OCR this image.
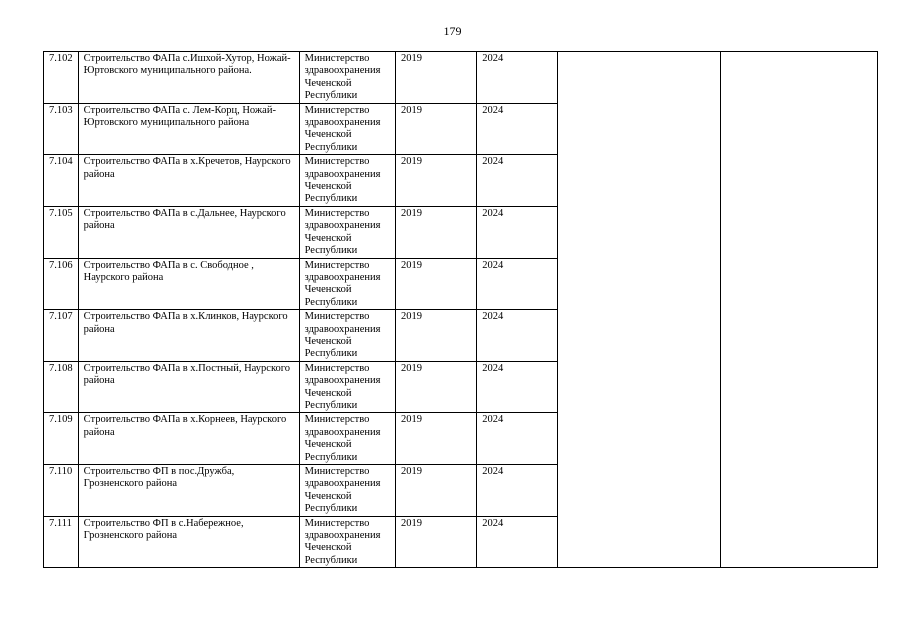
179
7.102	Строительство ФАПа с.Ишхой-Хутор, Ножай-Юртовского муниципального района.	Министерство здравоохранения Чеченской Республики	2019	2024		
7.103	Строительство ФАПа с. Лем-Корц, Ножай-Юртовского муниципального района	Министерство здравоохранения Чеченской Республики	2019	2024		
7.104	Строительство ФАПа в х.Кречетов, Наурского района	Министерство здравоохранения Чеченской Республики	2019	2024		
7.105	Строительство ФАПа в с.Дальнее, Наурского района	Министерство здравоохранения Чеченской Республики	2019	2024		
7.106	Строительство ФАПа в с. Свободное , Наурского района	Министерство здравоохранения Чеченской Республики	2019	2024		
7.107	Строительство ФАПа в х.Клинков, Наурского района	Министерство здравоохранения Чеченской Республики	2019	2024		
7.108	Строительство ФАПа в х.Постный, Наурского района	Министерство здравоохранения Чеченской Республики	2019	2024		
7.109	Строительство ФАПа в х.Корнеев, Наурского района	Министерство здравоохранения Чеченской Республики	2019	2024		
7.110	Строительство ФП в пос.Дружба, Грозненского района	Министерство здравоохранения Чеченской Республики	2019	2024		
7.111	Строительство ФП в с.Набережное, Грозненского района	Министерство здравоохранения Чеченской Республики	2019	2024		
